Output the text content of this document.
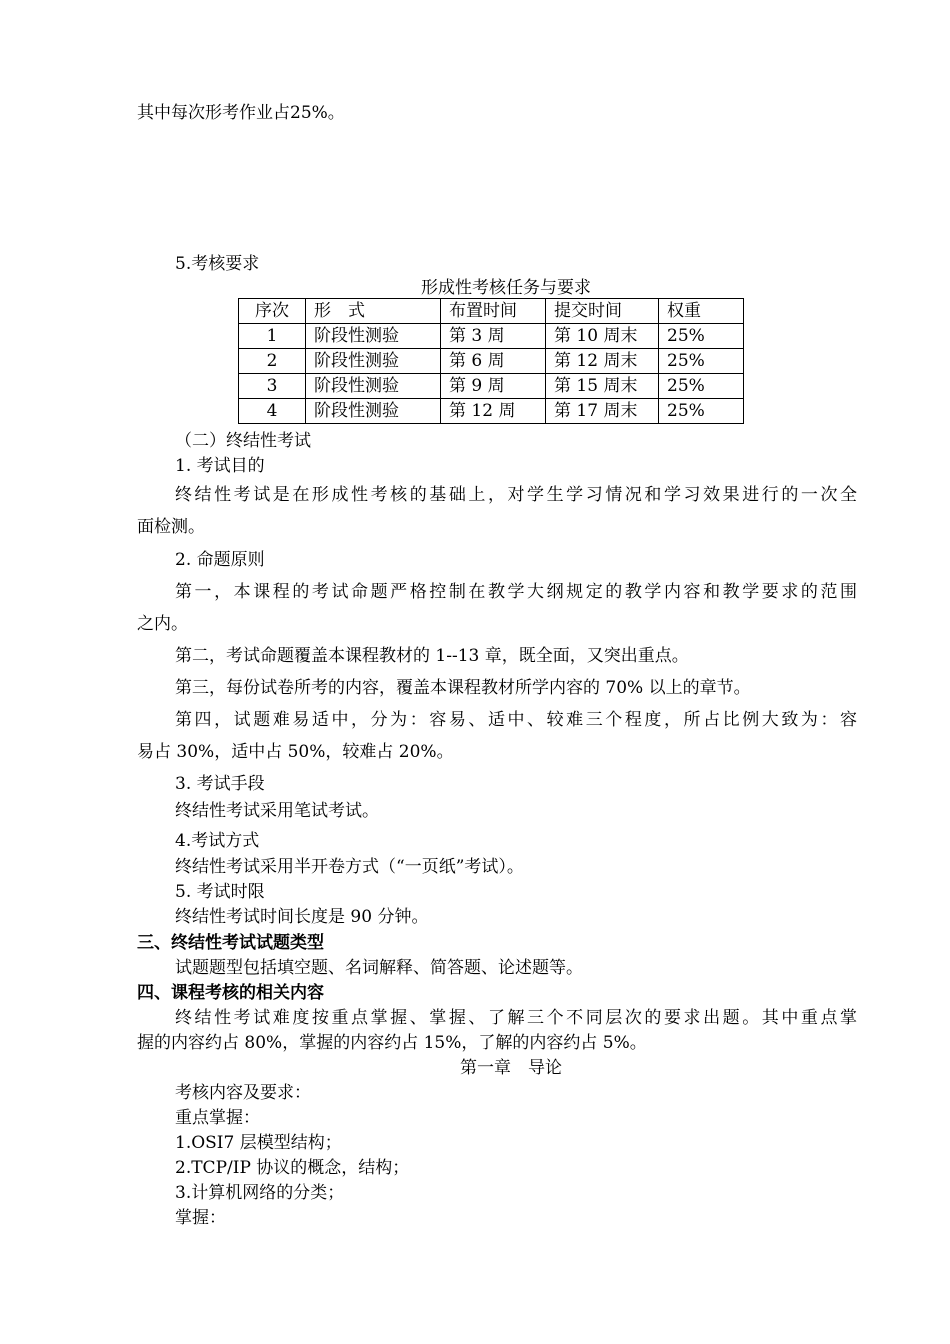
其中每次形考作业占25%。
5.考核要求
形成性考核任务与要求
序次	形　式	布置时间	提交时间	权重
1	阶段性测验	第 3 周	第 10 周末	25%
2	阶段性测验	第 6 周	第 12 周末	25%
3	阶段性测验	第 9 周	第 15 周末	25%
4	阶段性测验	第 12 周	第 17 周末	25%
（二）终结性考试
1. 考试目的
终结性考试是在形成性考核的基础上，对学生学习情况和学习效果进行的一次全
面检测。
2. 命题原则
第一，本课程的考试命题严格控制在教学大纲规定的教学内容和教学要求的范围
之内。
第二，考试命题覆盖本课程教材的 1--13 章，既全面，又突出重点。
第三，每份试卷所考的内容，覆盖本课程教材所学内容的 70% 以上的章节。
第四，试题难易适中，分为：容易、适中、较难三个程度，所占比例大致为：容
易占 30%，适中占 50%，较难占 20%。
3. 考试手段
终结性考试采用笔试考试。
4.考试方式
终结性考试采用半开卷方式（“一页纸”考试）。
5. 考试时限
终结性考试时间长度是 90 分钟。
三、终结性考试试题类型
试题题型包括填空题、名词解释、简答题、论述题等。
四、课程考核的相关内容
终结性考试难度按重点掌握、掌握、了解三个不同层次的要求出题。其中重点掌
握的内容约占 80%，掌握的内容约占 15%，了解的内容约占 5%。
第一章　导论
考核内容及要求：
重点掌握：
1.OSI7 层模型结构；
2.TCP/IP 协议的概念，结构；
3.计算机网络的分类；
掌握：
